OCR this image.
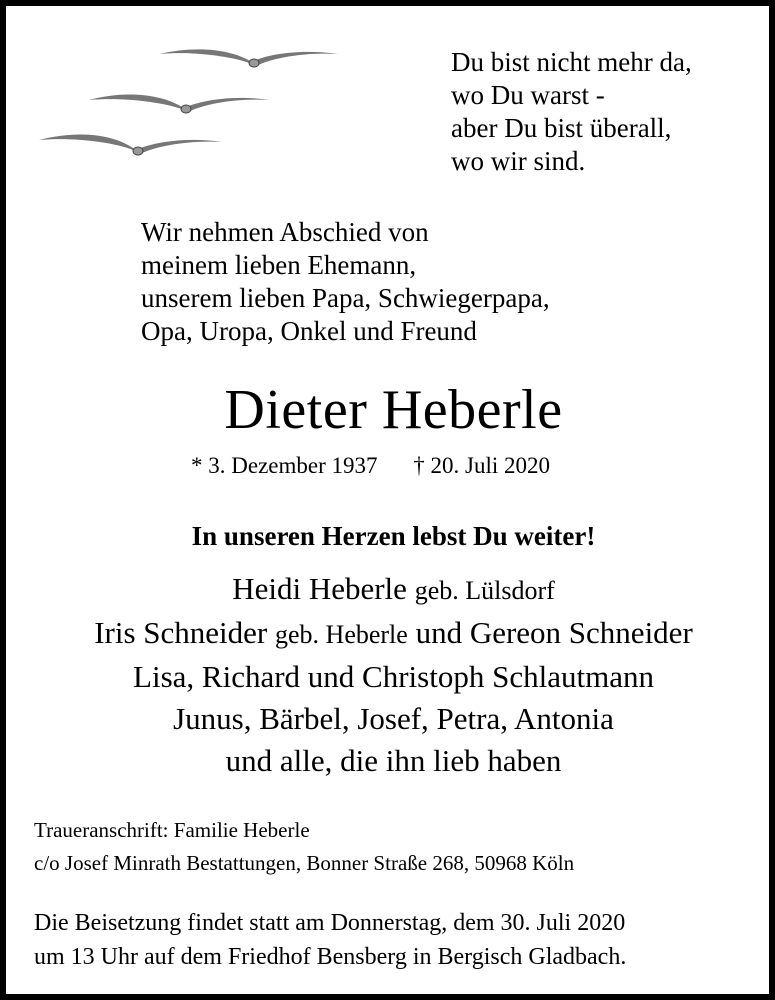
Du bist nicht mehr da,
wo Du warst -
aber Du bist überall,
wo wir sind.
Wir nehmen Abschied von
meinem lieben Ehemann,
unserem lieben Papa, Schwiegerpapa,
Opa, Uropa, Onkel und Freund
Dieter Heberle
* 3. Dezember 1937 † 20. Juli 2020
In unseren Herzen lebst Du weiter!
Heidi Heberle geb. Lülsdorf
Iris Schneider geb. Heberle und Gereon Schneider
Lisa, Richard und Christoph Schlautmann
Junus, Bärbel, Josef, Petra, Antonia
und alle, die ihn lieb haben
Traueranschrift: Familie Heberle
c/o Josef Minrath Bestattungen, Bonner Straße 268, 50968 Köln
Die Beisetzung findet statt am Donnerstag, dem 30. Juli 2020
um 13 Uhr auf dem Friedhof Bensberg in Bergisch Gladbach.
